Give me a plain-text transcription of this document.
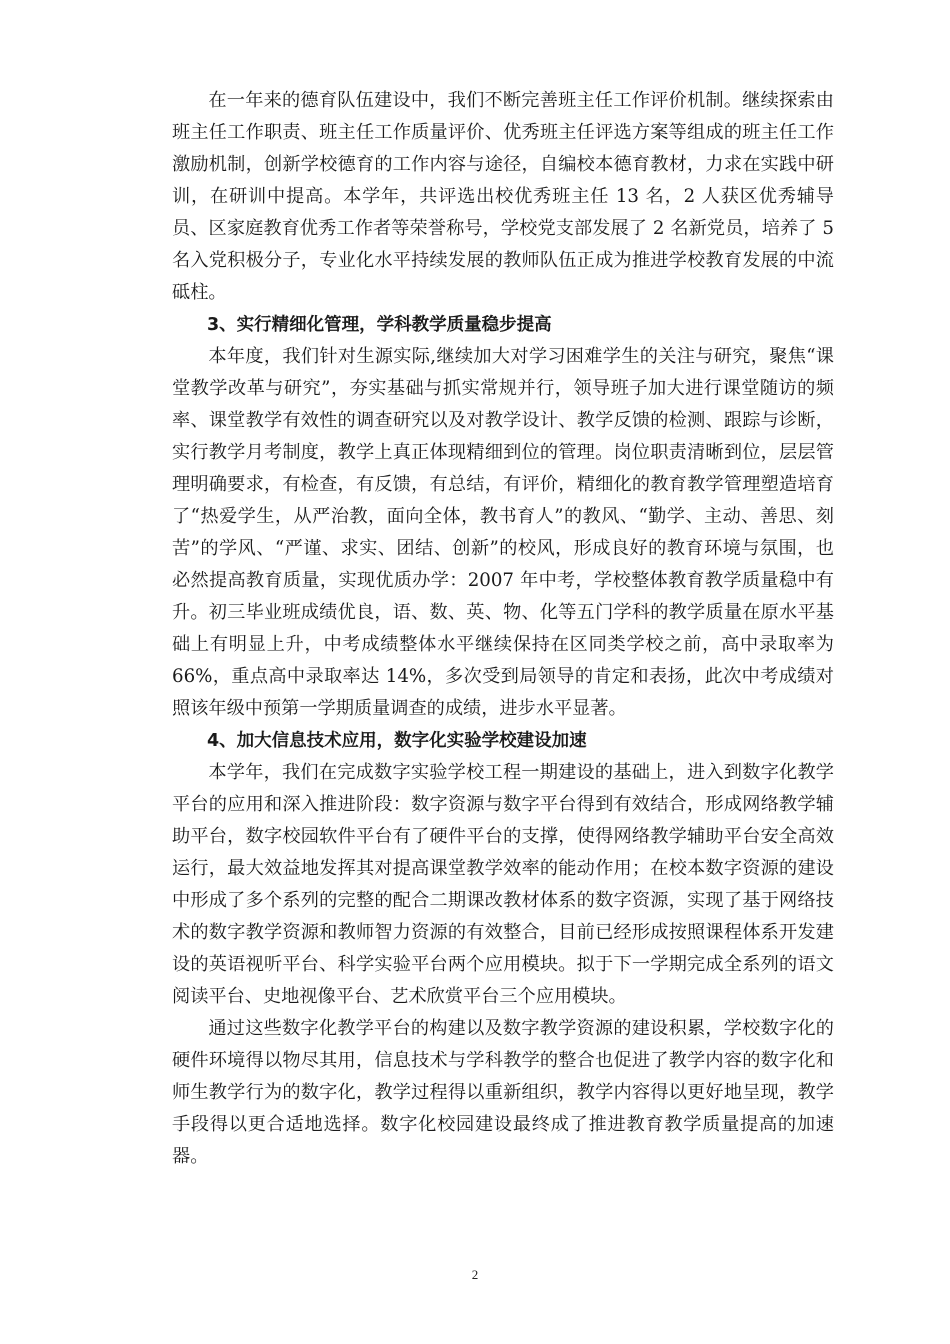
在一年来的德育队伍建设中，我们不断完善班主任工作评价机制。继续探索由班主任工作职责、班主任工作质量评价、优秀班主任评选方案等组成的班主任工作激励机制，创新学校德育的工作内容与途径，自编校本德育教材，力求在实践中研训，在研训中提高。本学年，共评选出校优秀班主任 13 名，2 人获区优秀辅导员、区家庭教育优秀工作者等荣誉称号，学校党支部发展了 2 名新党员，培养了 5 名入党积极分子，专业化水平持续发展的教师队伍正成为推进学校教育发展的中流砥柱。

3、实行精细化管理，学科教学质量稳步提高

本年度，我们针对生源实际,继续加大对学习困难学生的关注与研究，聚焦“课堂教学改革与研究”，夯实基础与抓实常规并行，领导班子加大进行课堂随访的频率、课堂教学有效性的调查研究以及对教学设计、教学反馈的检测、跟踪与诊断，实行教学月考制度，教学上真正体现精细到位的管理。岗位职责清晰到位，层层管理明确要求，有检查，有反馈，有总结，有评价，精细化的教育教学管理塑造培育了“热爱学生，从严治教，面向全体，教书育人”的教风、“勤学、主动、善思、刻苦”的学风、“严谨、求实、团结、创新”的校风，形成良好的教育环境与氛围，也必然提高教育质量，实现优质办学：2007 年中考，学校整体教育教学质量稳中有升。初三毕业班成绩优良，语、数、英、物、化等五门学科的教学质量在原水平基础上有明显上升，中考成绩整体水平继续保持在区同类学校之前，高中录取率为 66%，重点高中录取率达 14%，多次受到局领导的肯定和表扬，此次中考成绩对照该年级中预第一学期质量调查的成绩，进步水平显著。

4、加大信息技术应用，数字化实验学校建设加速

本学年，我们在完成数字实验学校工程一期建设的基础上，进入到数字化教学平台的应用和深入推进阶段：数字资源与数字平台得到有效结合，形成网络教学辅助平台，数字校园软件平台有了硬件平台的支撑，使得网络教学辅助平台安全高效运行，最大效益地发挥其对提高课堂教学效率的能动作用；在校本数字资源的建设中形成了多个系列的完整的配合二期课改教材体系的数字资源，实现了基于网络技术的数字教学资源和教师智力资源的有效整合，目前已经形成按照课程体系开发建设的英语视听平台、科学实验平台两个应用模块。拟于下一学期完成全系列的语文阅读平台、史地视像平台、艺术欣赏平台三个应用模块。

通过这些数字化教学平台的构建以及数字教学资源的建设积累，学校数字化的硬件环境得以物尽其用，信息技术与学科教学的整合也促进了教学内容的数字化和师生教学行为的数字化，教学过程得以重新组织，教学内容得以更好地呈现，教学手段得以更合适地选择。数字化校园建设最终成了推进教育教学质量提高的加速器。

2
